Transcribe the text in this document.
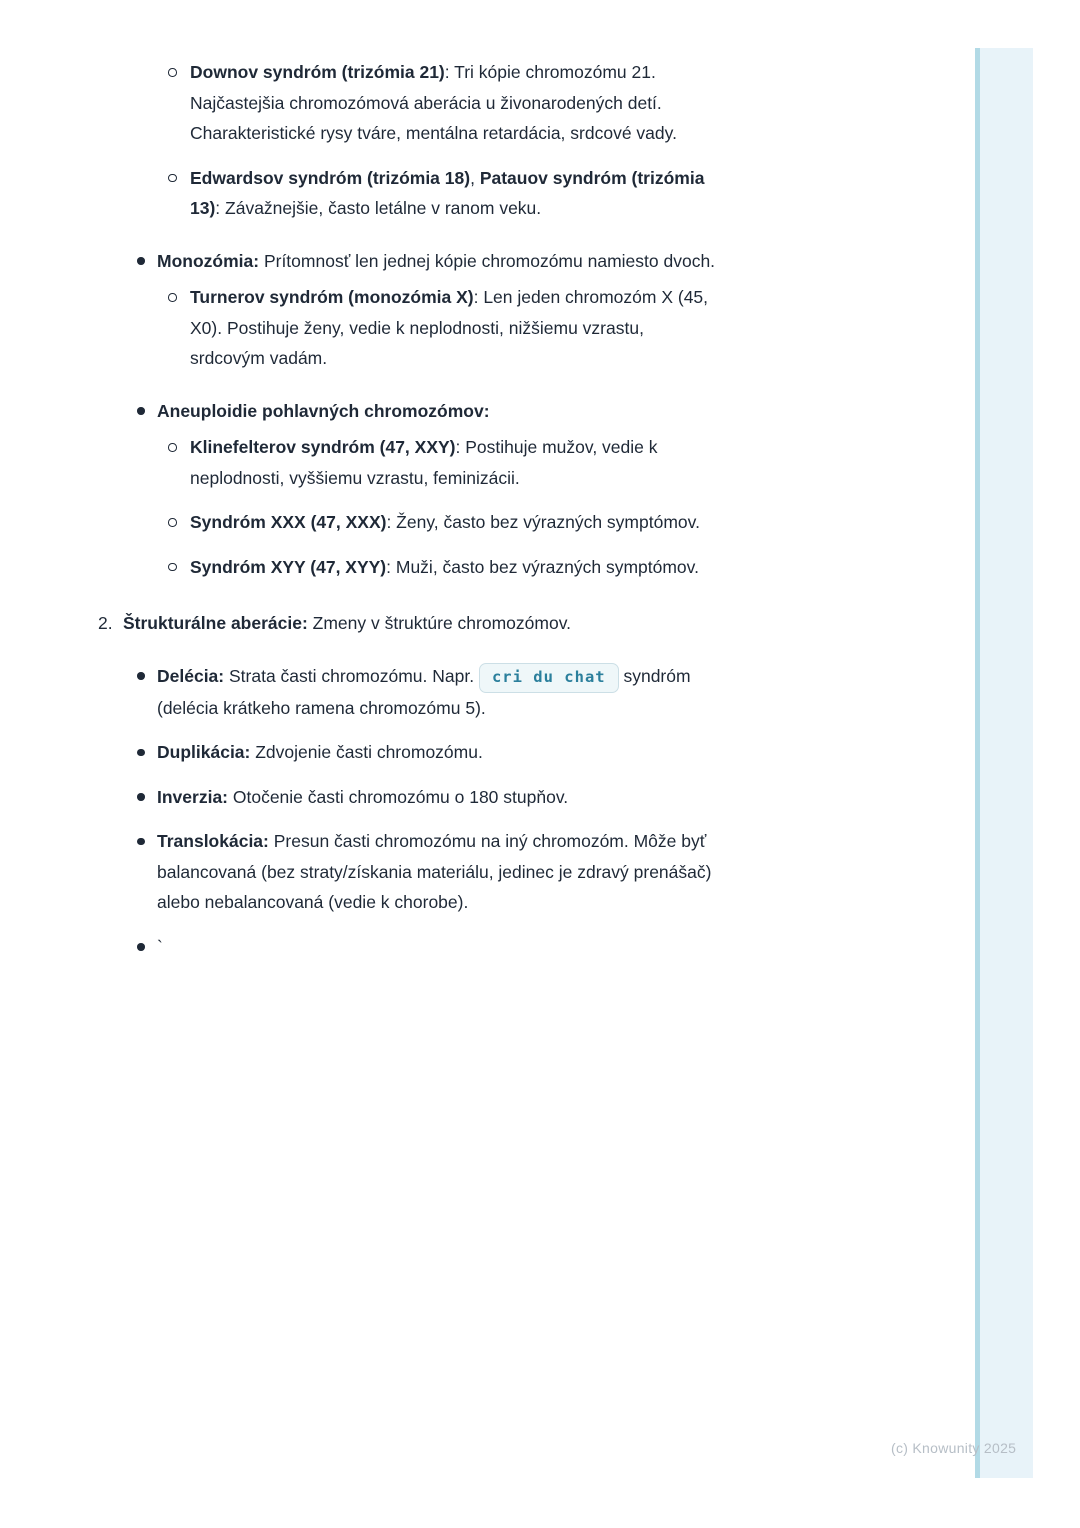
Downov syndróm (trizómia 21): Tri kópie chromozómu 21.
Najčastejšia chromozómová aberácia u živonarodených detí.
Charakteristické rysy tváre, mentálna retardácia, srdcové vady.
Edwardsov syndróm (trizómia 18), Patauov syndróm (trizómia
13): Závažnejšie, často letálne v ranom veku.
Monozómia: Prítomnosť len jednej kópie chromozómu namiesto dvoch.
Turnerov syndróm (monozómia X): Len jeden chromozóm X (45,
X0). Postihuje ženy, vedie k neplodnosti, nižšiemu vzrastu,
srdcovým vadám.
Aneuploidie pohlavných chromozómov:
Klinefelterov syndróm (47, XXY): Postihuje mužov, vedie k
neplodnosti, vyššiemu vzrastu, feminizácii.
Syndróm XXX (47, XXX): Ženy, často bez výrazných symptómov.
Syndróm XYY (47, XYY): Muži, často bez výrazných symptómov.
2. Štrukturálne aberácie: Zmeny v štruktúre chromozómov.
Delécia: Strata časti chromozómu. Napr. cri du chat syndróm
(delécia krátkeho ramena chromozómu 5).
Duplikácia: Zdvojenie časti chromozómu.
Inverzia: Otočenie časti chromozómu o 180 stupňov.
Translokácia: Presun časti chromozómu na iný chromozóm. Môže byť
balancovaná (bez straty/získania materiálu, jedinec je zdravý prenášač)
alebo nebalancovaná (vedie k chorobe).
`
(c) Knowunity 2025
